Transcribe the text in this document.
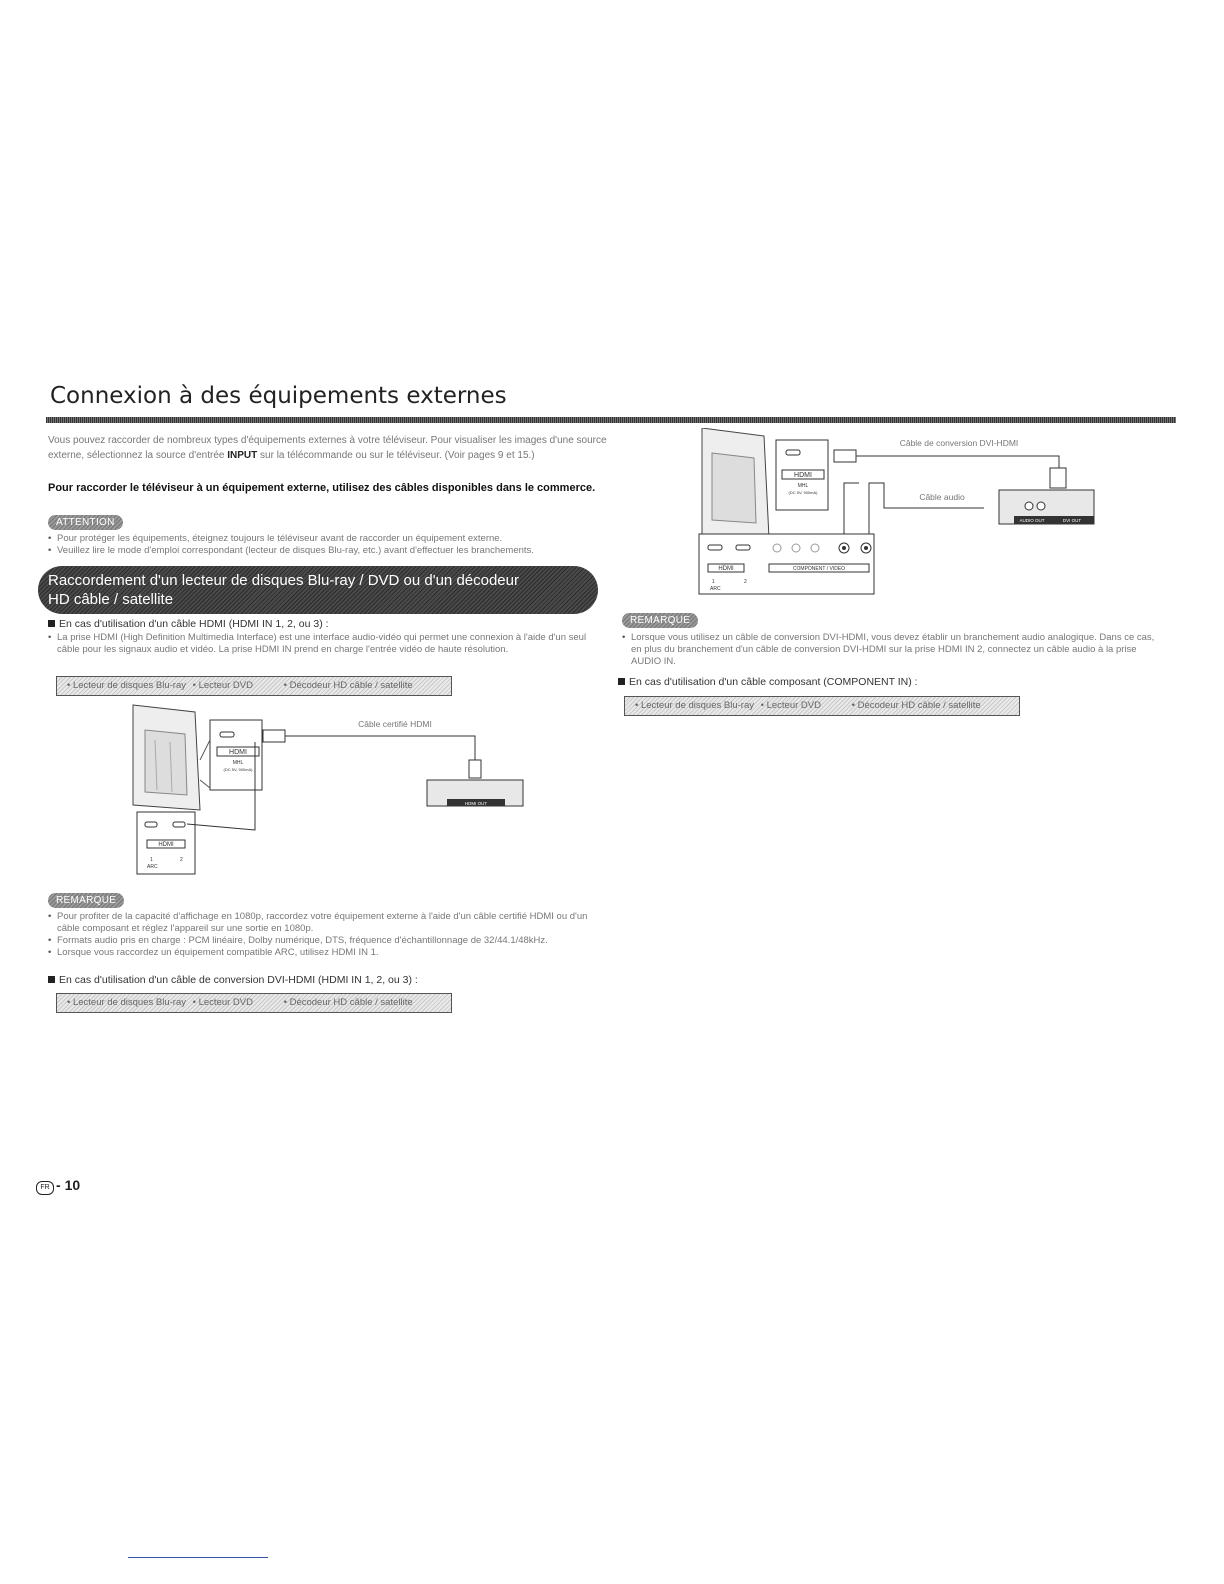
Connexion à des équipements externes
Vous pouvez raccorder de nombreux types d'équipements externes à votre téléviseur. Pour visualiser les images d'une source externe, sélectionnez la source d'entrée INPUT sur la télécommande ou sur le téléviseur. (Voir pages 9 et 15.)
Pour raccorder le téléviseur à un équipement externe, utilisez des câbles disponibles dans le commerce.
ATTENTION
• Pour protéger les équipements, éteignez toujours le téléviseur avant de raccorder un équipement externe.
• Veuillez lire le mode d'emploi correspondant (lecteur de disques Blu-ray, etc.) avant d'effectuer les branchements.
Raccordement d'un lecteur de disques Blu-ray / DVD ou d'un décodeur
HD câble / satellite
En cas d'utilisation d'un câble HDMI (HDMI IN 1, 2, ou 3) :
• La prise HDMI (High Definition Multimedia Interface) est une interface audio-vidéo qui permet une connexion à l'aide d'un seul câble pour les signaux audio et vidéo. La prise HDMI IN prend en charge l'entrée vidéo de haute résolution.
• Lecteur de disques Blu-ray • Lecteur DVD	• Décodeur HD câble / satellite
HDMI
MHL
(DC 5V, 900mA)
Câble certifié HDMI
HDMI OUT
HDMI
1	2
ARC
REMARQUE
• Pour profiter de la capacité d'affichage en 1080p, raccordez votre équipement externe à l'aide d'un câble certifié HDMI ou d'un câble composant et réglez l'appareil sur une sortie en 1080p.
• Formats audio pris en charge : PCM linéaire, Dolby numérique, DTS, fréquence d'échantillonnage de 32/44.1/48kHz.
• Lorsque vous raccordez un équipement compatible ARC, utilisez HDMI IN 1.
En cas d'utilisation d'un câble de conversion DVI-HDMI (HDMI IN 1, 2, ou 3) :
• Lecteur de disques Blu-ray • Lecteur DVD	• Décodeur HD câble / satellite
HDMI
MHL
(DC 5V, 900mA)
Câble de conversion DVI-HDMI
Câble audio
AUDIO OUT	DVI OUT
HDMI	COMPONENT / VIDEO
1	2
ARC
REMARQUE
• Lorsque vous utilisez un câble de conversion DVI-HDMI, vous devez établir un branchement audio analogique. Dans ce cas, en plus du branchement d'un câble de conversion DVI-HDMI sur la prise HDMI IN 2, connectez un câble audio à la prise AUDIO IN.
En cas d'utilisation d'un câble composant (COMPONENT IN) :
• Lecteur de disques Blu-ray • Lecteur DVD	• Décodeur HD câble / satellite
FR - 10
